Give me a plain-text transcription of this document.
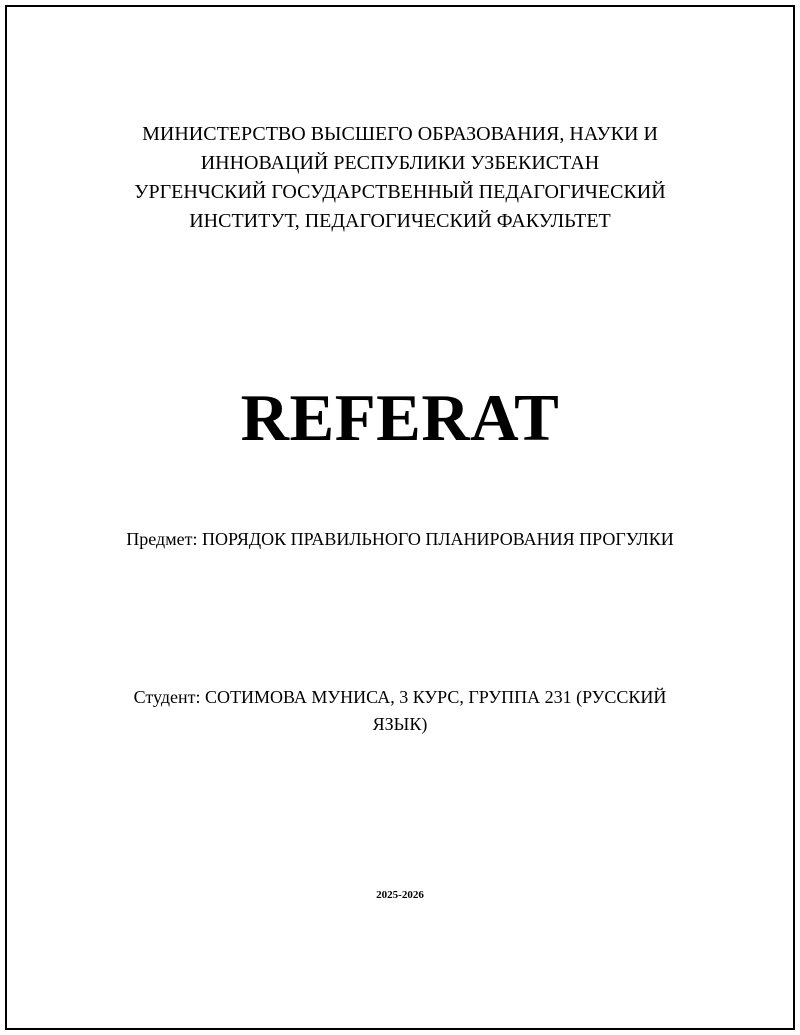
МИНИСТЕРСТВО ВЫСШЕГО ОБРАЗОВАНИЯ, НАУКИ И
ИННОВАЦИЙ РЕСПУБЛИКИ УЗБЕКИСТАН
УРГЕНЧСКИЙ ГОСУДАРСТВЕННЫЙ ПЕДАГОГИЧЕСКИЙ
ИНСТИТУТ, ПЕДАГОГИЧЕСКИЙ ФАКУЛЬТЕТ
REFERAT
Предмет: ПОРЯДОК ПРАВИЛЬНОГО ПЛАНИРОВАНИЯ ПРОГУЛКИ
Студент: СОТИМОВА МУНИСА, 3 КУРС, ГРУППА 231 (РУССКИЙ ЯЗЫК)
2025-2026
